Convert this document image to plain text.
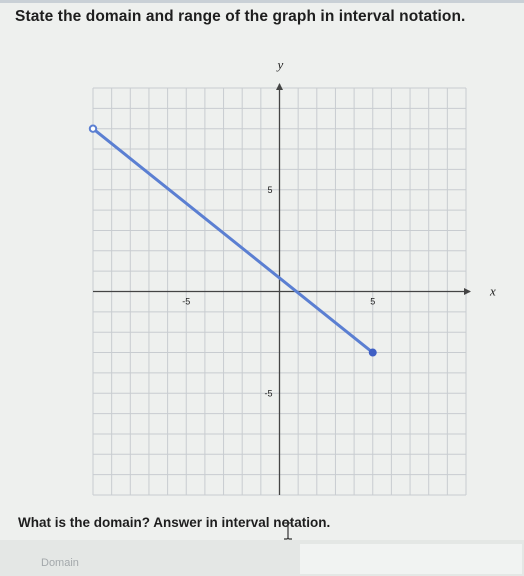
State the domain and range of the graph in interval notation.
x
y
-5	5
5
-5
What is the domain? Answer in interval notation.
Domain
